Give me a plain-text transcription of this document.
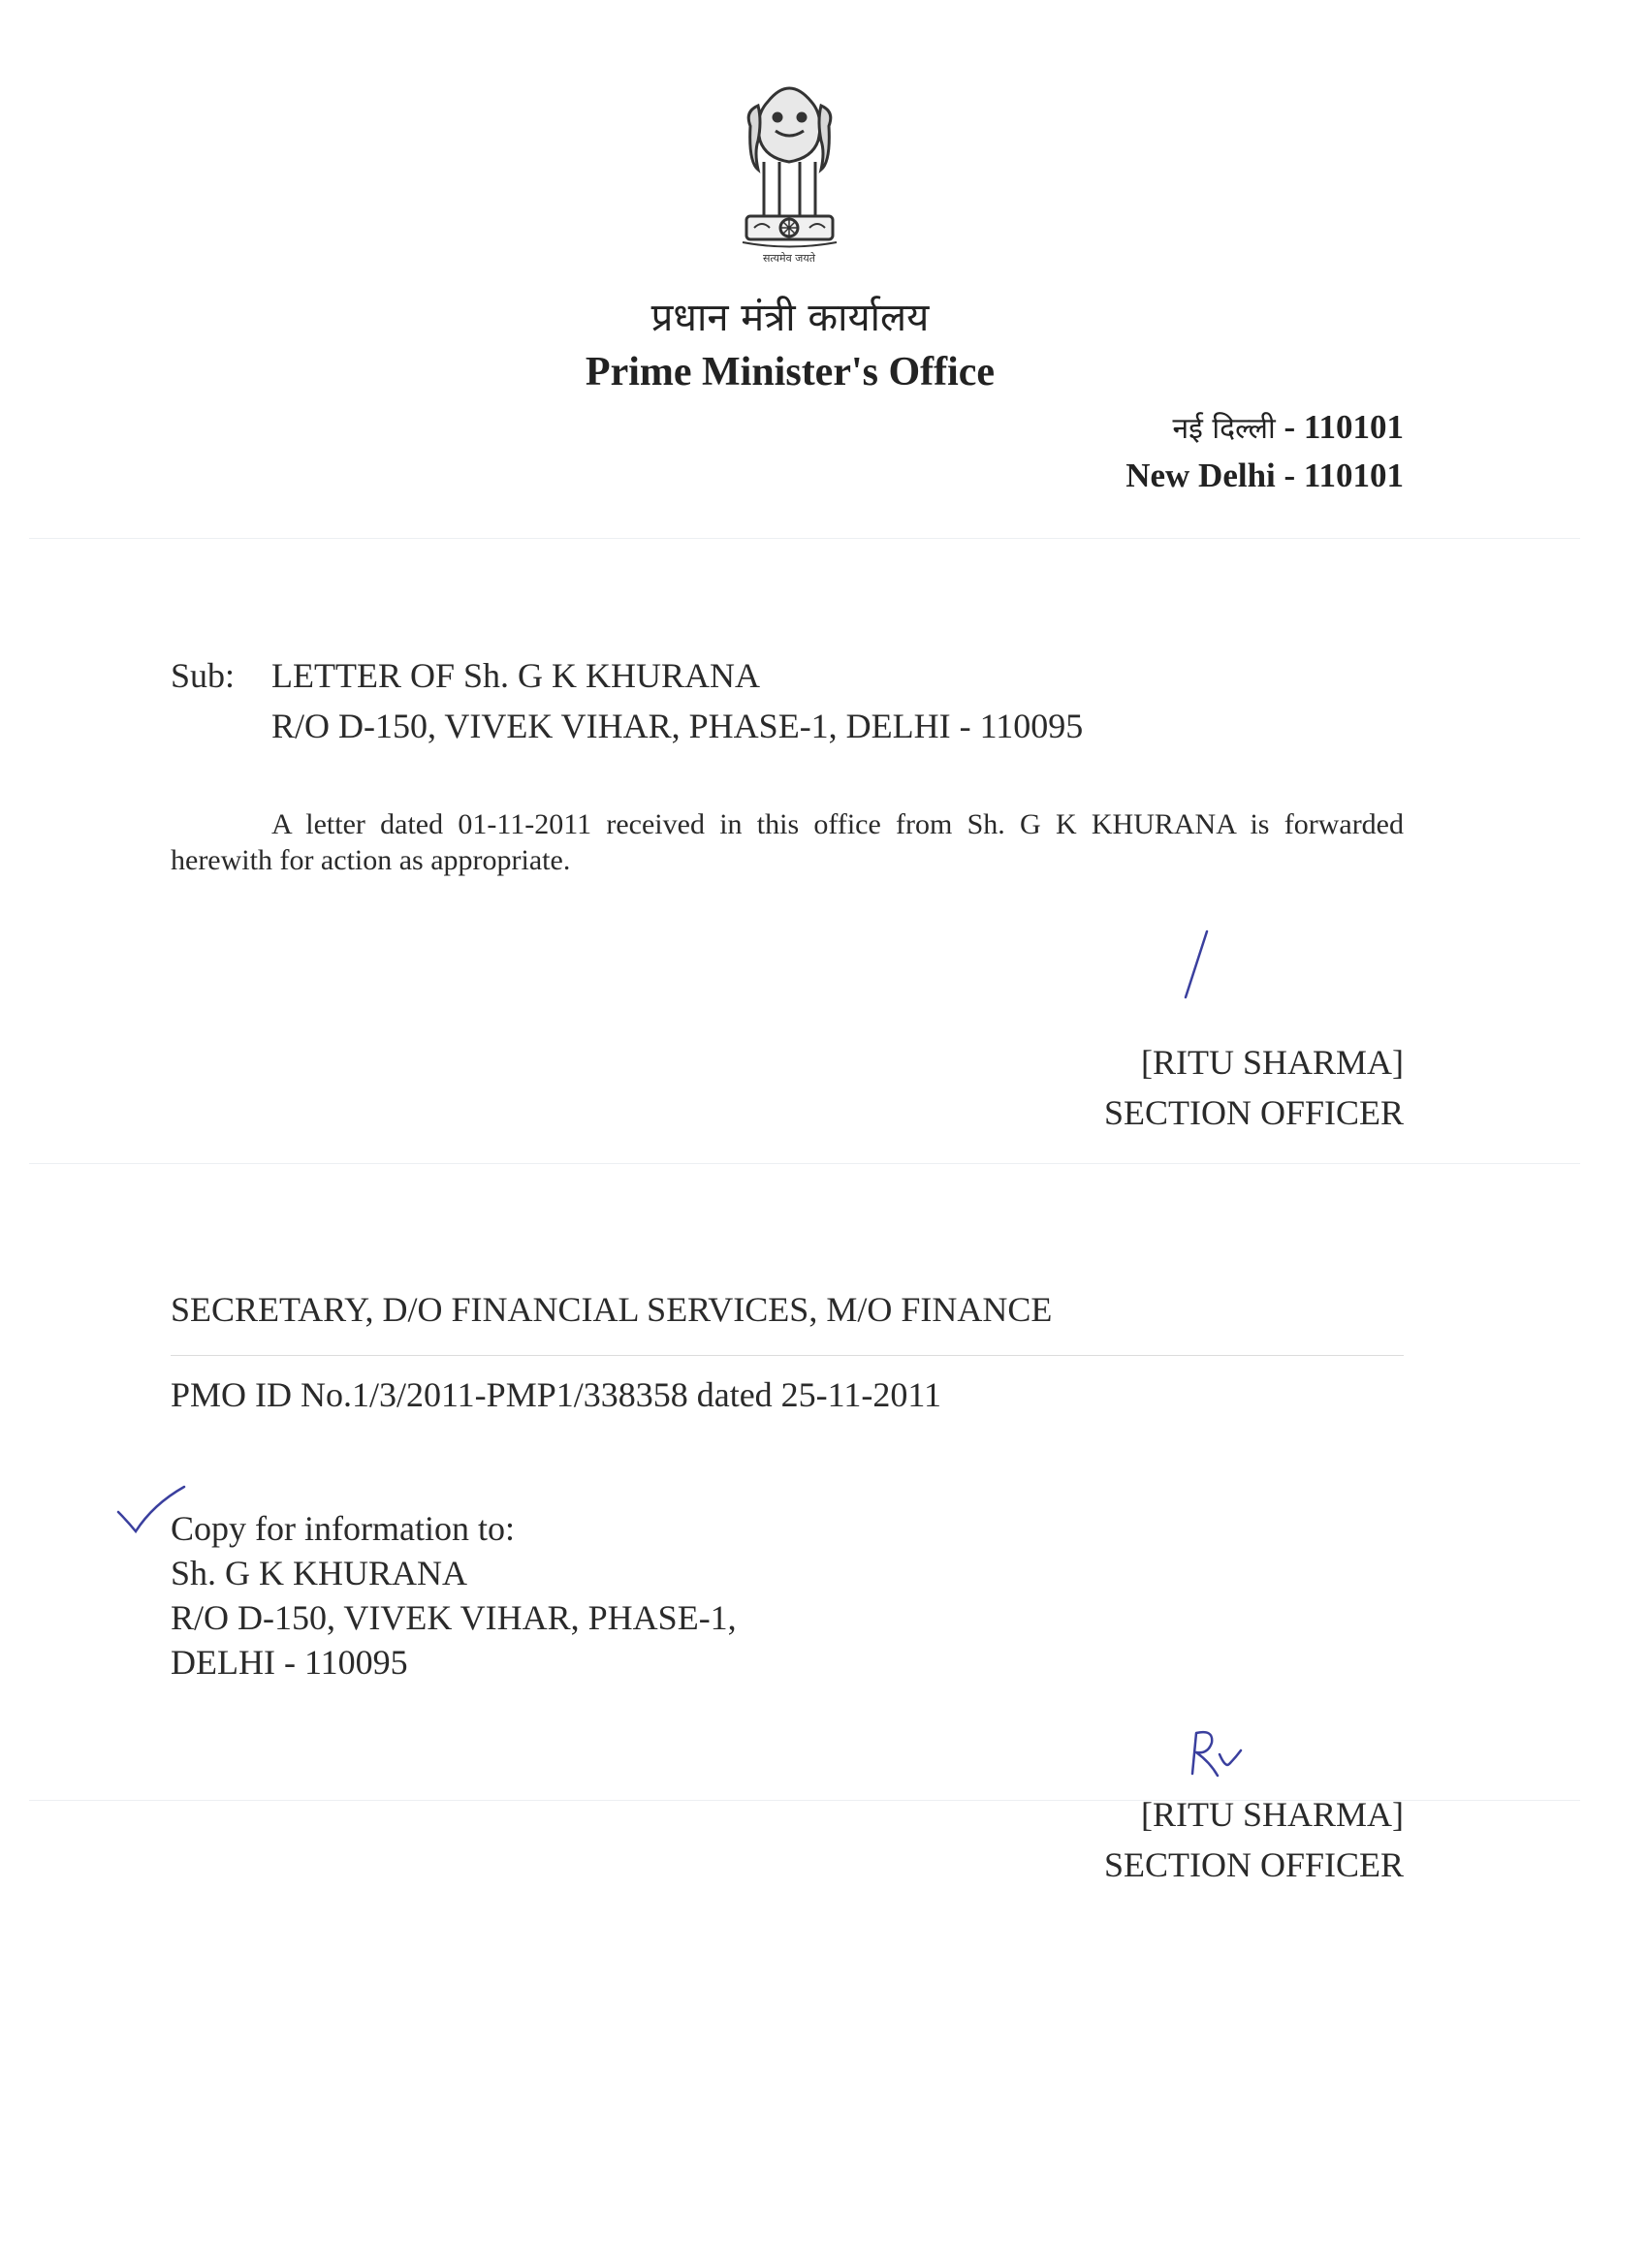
सत्यमेव जयते
प्रधान मंत्री कार्यालय
Prime Minister's Office
नई दिल्ली - 110101
New Delhi - 110101
Sub: LETTER OF Sh. G K KHURANA
R/O D-150, VIVEK VIHAR, PHASE-1, DELHI - 110095
A letter dated 01-11-2011 received in this office from Sh. G K KHURANA is forwarded herewith for action as appropriate.
[RITU SHARMA]
SECTION OFFICER
SECRETARY, D/O FINANCIAL SERVICES, M/O FINANCE
PMO ID No.1/3/2011-PMP1/338358 dated 25-11-2011
Copy for information to:
Sh. G K KHURANA
R/O D-150, VIVEK VIHAR, PHASE-1,
DELHI - 110095
[RITU SHARMA]
SECTION OFFICER
